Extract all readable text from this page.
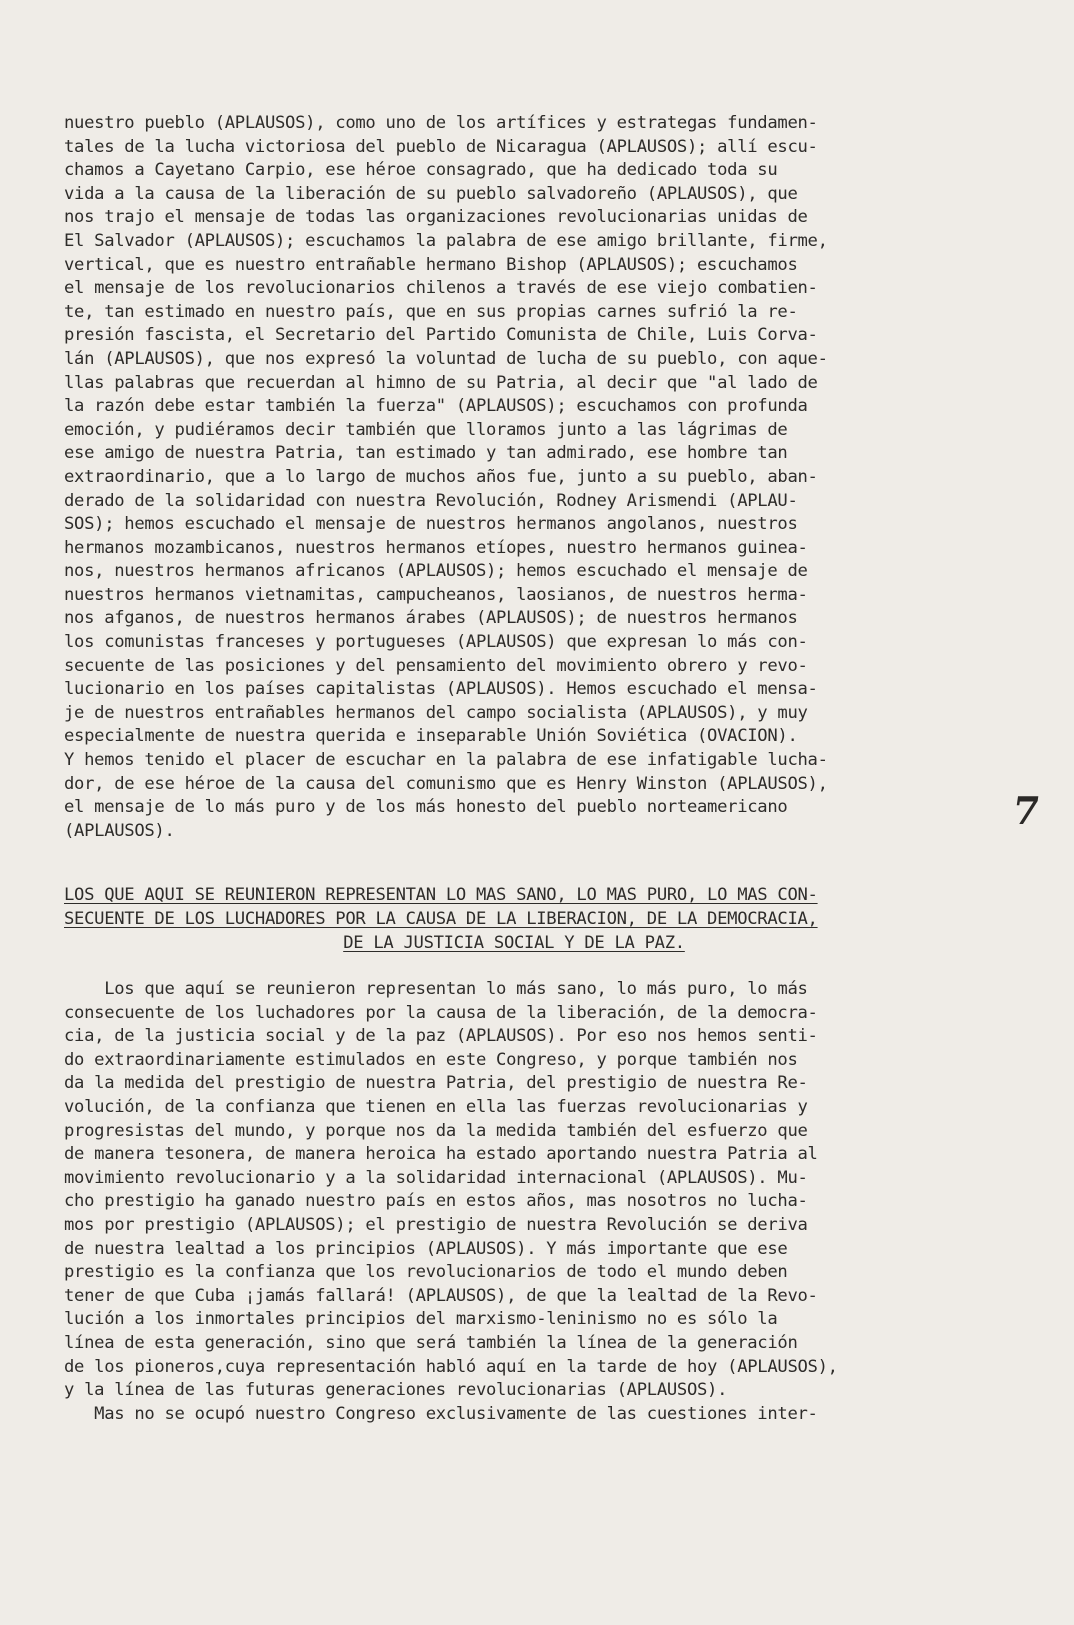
nuestro pueblo (APLAUSOS), como uno de los artífices y estrategas fundamen-
tales de la lucha victoriosa del pueblo de Nicaragua (APLAUSOS); allí escu-
chamos a Cayetano Carpio, ese héroe consagrado, que ha dedicado toda su
vida a la causa de la liberación de su pueblo salvadoreño (APLAUSOS), que
nos trajo el mensaje de todas las organizaciones revolucionarias unidas de
El Salvador (APLAUSOS); escuchamos la palabra de ese amigo brillante, firme,
vertical, que es nuestro entrañable hermano Bishop (APLAUSOS); escuchamos
el mensaje de los revolucionarios chilenos a través de ese viejo combatien-
te, tan estimado en nuestro país, que en sus propias carnes sufrió la re-
presión fascista, el Secretario del Partido Comunista de Chile, Luis Corva-
lán (APLAUSOS), que nos expresó la voluntad de lucha de su pueblo, con aque-
llas palabras que recuerdan al himno de su Patria, al decir que "al lado de
la razón debe estar también la fuerza" (APLAUSOS); escuchamos con profunda
emoción, y pudiéramos decir también que lloramos junto a las lágrimas de
ese amigo de nuestra Patria, tan estimado y tan admirado, ese hombre tan
extraordinario, que a lo largo de muchos años fue, junto a su pueblo, aban-
derado de la solidaridad con nuestra Revolución, Rodney Arismendi (APLAU-
SOS); hemos escuchado el mensaje de nuestros hermanos angolanos, nuestros
hermanos mozambicanos, nuestros hermanos etíopes, nuestro hermanos guinea-
nos, nuestros hermanos africanos (APLAUSOS); hemos escuchado el mensaje de
nuestros hermanos vietnamitas, campucheanos, laosianos, de nuestros herma-
nos afganos, de nuestros hermanos árabes (APLAUSOS); de nuestros hermanos
los comunistas franceses y portugueses (APLAUSOS) que expresan lo más con-
secuente de las posiciones y del pensamiento del movimiento obrero y revo-
lucionario en los países capitalistas (APLAUSOS). Hemos escuchado el mensa-
je de nuestros entrañables hermanos del campo socialista (APLAUSOS), y muy
especialmente de nuestra querida e inseparable Unión Soviética (OVACION).
Y hemos tenido el placer de escuchar en la palabra de ese infatigable lucha-
dor, de ese héroe de la causa del comunismo que es Henry Winston (APLAUSOS),
el mensaje de lo más puro y de los más honesto del pueblo norteamericano
(APLAUSOS).	7
LOS QUE AQUI SE REUNIERON REPRESENTAN LO MAS SANO, LO MAS PURO, LO MAS CON-
SECUENTE DE LOS LUCHADORES POR LA CAUSA DE LA LIBERACION, DE LA DEMOCRACIA,
DE LA JUSTICIA SOCIAL Y DE LA PAZ.
Los que aquí se reunieron representan lo más sano, lo más puro, lo más
consecuente de los luchadores por la causa de la liberación, de la democra-
cia, de la justicia social y de la paz (APLAUSOS). Por eso nos hemos senti-
do extraordinariamente estimulados en este Congreso, y porque también nos
da la medida del prestigio de nuestra Patria, del prestigio de nuestra Re-
volución, de la confianza que tienen en ella las fuerzas revolucionarias y
progresistas del mundo, y porque nos da la medida también del esfuerzo que
de manera tesonera, de manera heroica ha estado aportando nuestra Patria al
movimiento revolucionario y a la solidaridad internacional (APLAUSOS). Mu-
cho prestigio ha ganado nuestro país en estos años, mas nosotros no lucha-
mos por prestigio (APLAUSOS); el prestigio de nuestra Revolución se deriva
de nuestra lealtad a los principios (APLAUSOS). Y más importante que ese
prestigio es la confianza que los revolucionarios de todo el mundo deben
tener de que Cuba ¡jamás fallará! (APLAUSOS), de que la lealtad de la Revo-
lución a los inmortales principios del marxismo-leninismo no es sólo la
línea de esta generación, sino que será también la línea de la generación
de los pioneros,cuya representación habló aquí en la tarde de hoy (APLAUSOS),
y la línea de las futuras generaciones revolucionarias (APLAUSOS).
Mas no se ocupó nuestro Congreso exclusivamente de las cuestiones inter-
